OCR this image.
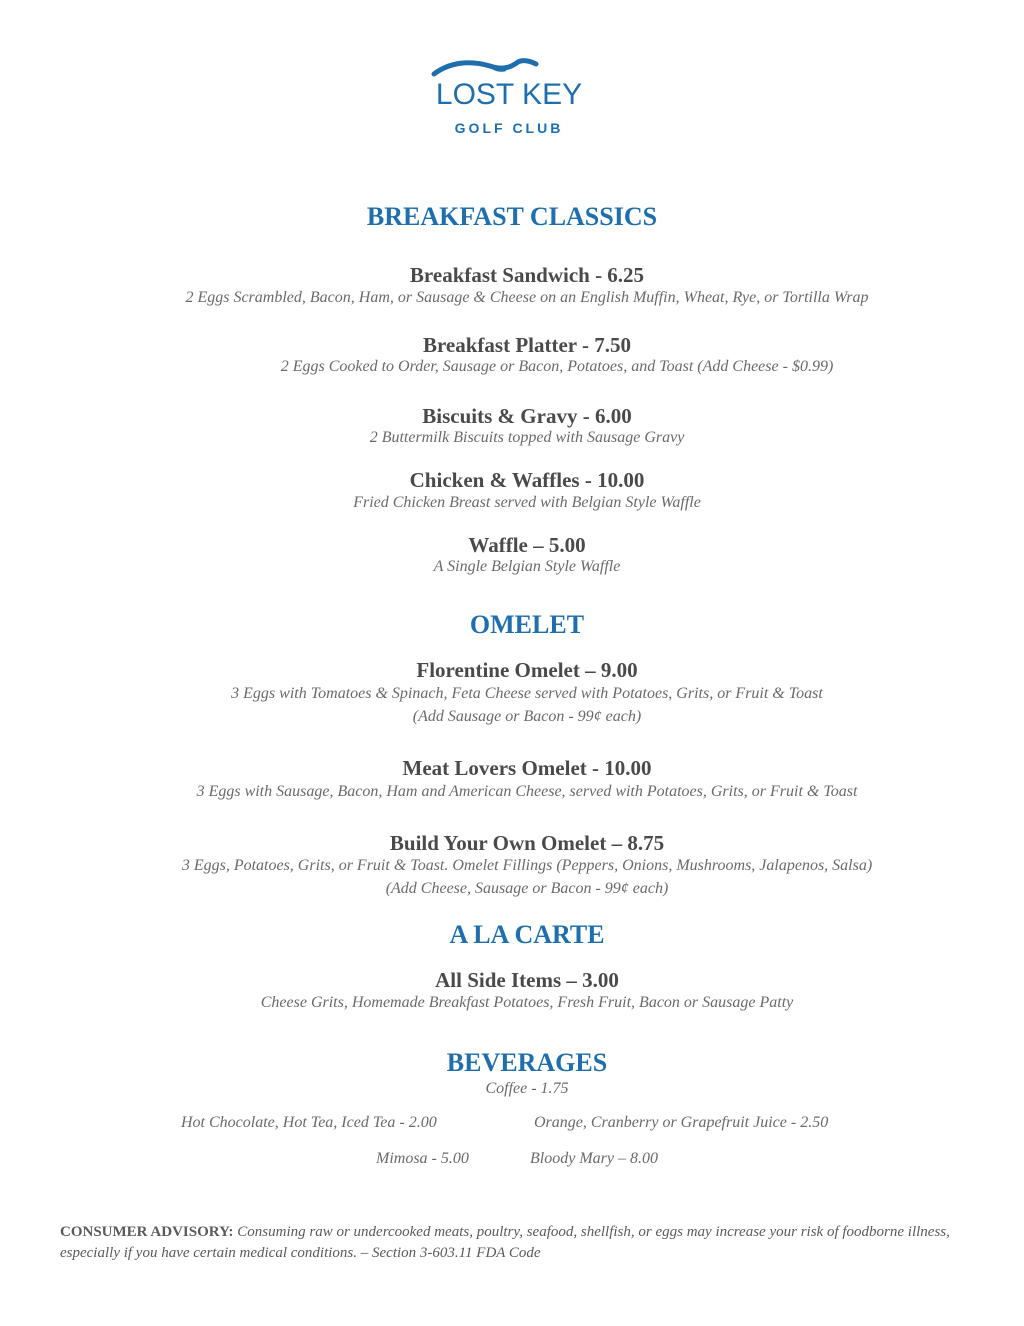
LOST KEY
GOLF CLUB
BREAKFAST CLASSICS
Breakfast Sandwich - 6.25
2 Eggs Scrambled, Bacon, Ham, or Sausage & Cheese on an English Muffin, Wheat, Rye, or Tortilla Wrap
Breakfast Platter - 7.50
2 Eggs Cooked to Order, Sausage or Bacon, Potatoes, and Toast (Add Cheese - $0.99)
Biscuits & Gravy - 6.00
2 Buttermilk Biscuits topped with Sausage Gravy
Chicken & Waffles - 10.00
Fried Chicken Breast served with Belgian Style Waffle
Waffle – 5.00
A Single Belgian Style Waffle
OMELET
Florentine Omelet – 9.00
3 Eggs with Tomatoes & Spinach, Feta Cheese served with Potatoes, Grits, or Fruit & Toast
(Add Sausage or Bacon - 99¢ each)
Meat Lovers Omelet - 10.00
3 Eggs with Sausage, Bacon, Ham and American Cheese, served with Potatoes, Grits, or Fruit & Toast
Build Your Own Omelet – 8.75
3 Eggs, Potatoes, Grits, or Fruit & Toast. Omelet Fillings (Peppers, Onions, Mushrooms, Jalapenos, Salsa)
(Add Cheese, Sausage or Bacon - 99¢ each)
A LA CARTE
All Side Items – 3.00
Cheese Grits, Homemade Breakfast Potatoes, Fresh Fruit, Bacon or Sausage Patty
BEVERAGES
Coffee - 1.75
Hot Chocolate, Hot Tea, Iced Tea - 2.00	Orange, Cranberry or Grapefruit Juice - 2.50
Mimosa - 5.00	Bloody Mary – 8.00
CONSUMER ADVISORY: Consuming raw or undercooked meats, poultry, seafood, shellfish, or eggs may increase your risk of foodborne illness, especially if you have certain medical conditions. – Section 3-603.11 FDA Code
